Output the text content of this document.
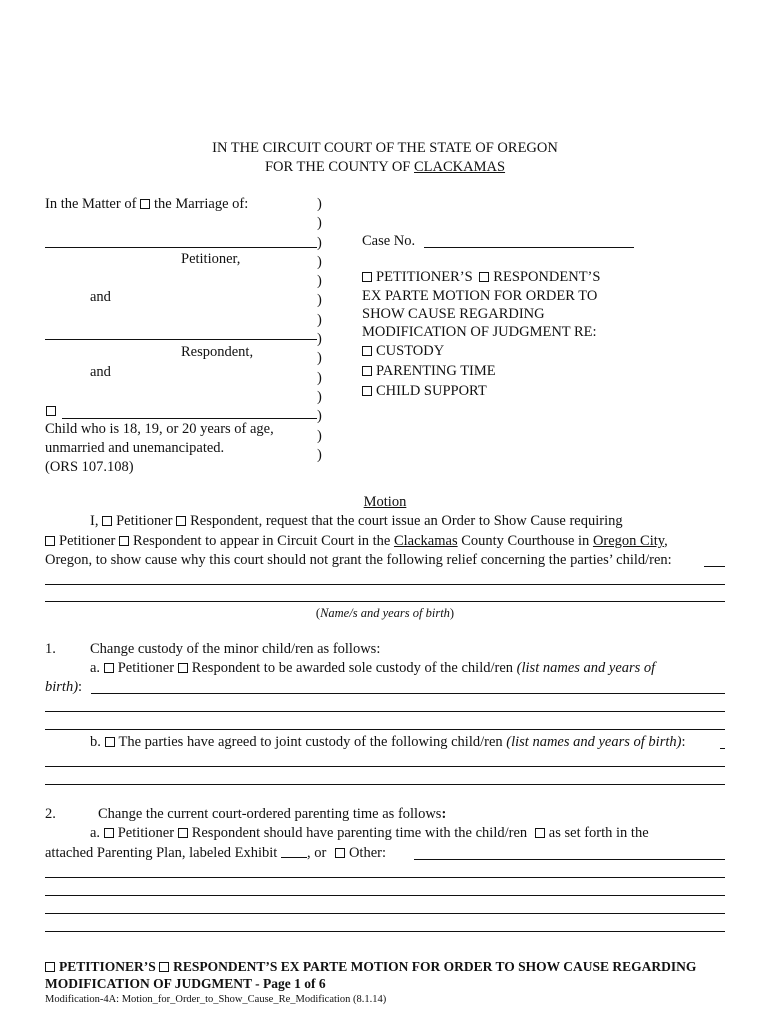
IN THE CIRCUIT COURT OF THE STATE OF OREGON
FOR THE COUNTY OF CLACKAMAS
In the Matter of the Marriage of:
Petitioner,
and
Respondent,
and
Child who is 18, 19, or 20 years of age,
unmarried and unemancipated.
(ORS 107.108)
)
)
)
)
)
)
)
)
)
)
)
)
)
)
Case No.
PETITIONER’S RESPONDENT’S
EX PARTE MOTION FOR ORDER TO
SHOW CAUSE REGARDING
MODIFICATION OF JUDGMENT RE:
CUSTODY
PARENTING TIME
CHILD SUPPORT
Motion
I, Petitioner Respondent, request that the court issue an Order to Show Cause requiring
Petitioner Respondent to appear in Circuit Court in the Clackamas County Courthouse in Oregon City,
Oregon, to show cause why this court should not grant the following relief concerning the parties’ child/ren:
(Name/s and years of birth)
1. Change custody of the minor child/ren as follows:
a. Petitioner Respondent to be awarded sole custody of the child/ren (list names and years of
birth):
b. The parties have agreed to joint custody of the following child/ren (list names and years of birth):
2.	Change the current court-ordered parenting time as follows:
a. Petitioner Respondent should have parenting time with the child/ren as set forth in the
attached Parenting Plan, labeled Exhibit , or Other:
PETITIONER’S RESPONDENT’S EX PARTE MOTION FOR ORDER TO SHOW CAUSE REGARDING
MODIFICATION OF JUDGMENT - Page 1 of 6
Modification-4A: Motion_for_Order_to_Show_Cause_Re_Modification (8.1.14)
